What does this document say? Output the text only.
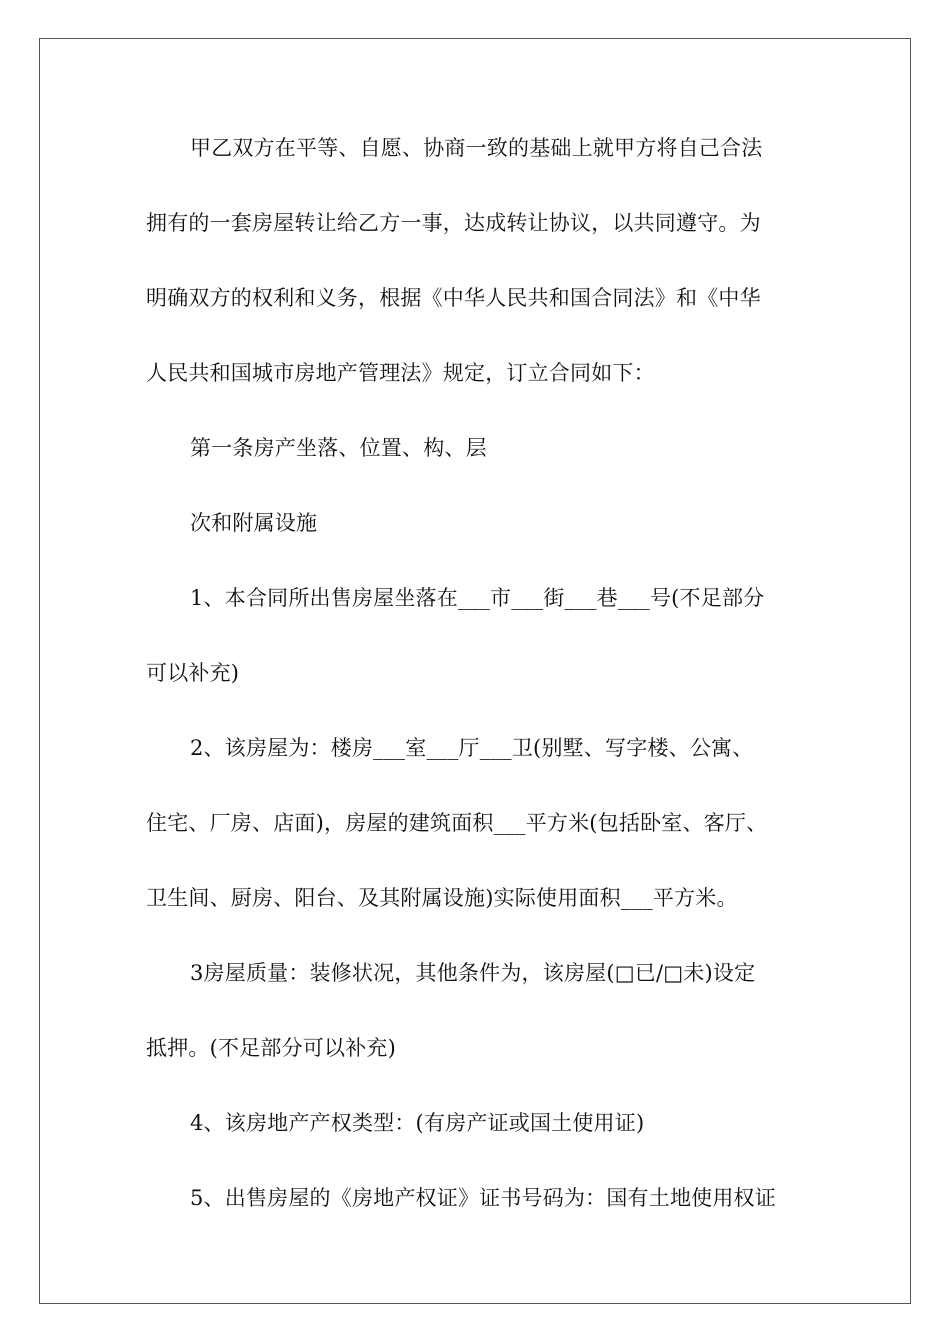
甲乙双方在平等、自愿、协商一致的基础上就甲方将自己合法
拥有的一套房屋转让给乙方一事，达成转让协议，以共同遵守。为
明确双方的权利和义务，根据《中华人民共和国合同法》和《中华
人民共和国城市房地产管理法》规定，订立合同如下：
第一条房产坐落、位置、构、层
次和附属设施
1、本合同所出售房屋坐落在___市___街___巷___号(不足部分
可以补充)
2、该房屋为：楼房___室___厅___卫(别墅、写字楼、公寓、
住宅、厂房、店面)，房屋的建筑面积___平方米(包括卧室、客厅、
卫生间、厨房、阳台、及其附属设施)实际使用面积___平方米。
3房屋质量：装修状况，其他条件为，该房屋(□已/□未)设定
抵押。(不足部分可以补充)
4、该房地产产权类型：(有房产证或国土使用证)
5、出售房屋的《房地产权证》证书号码为：国有土地使用权证
